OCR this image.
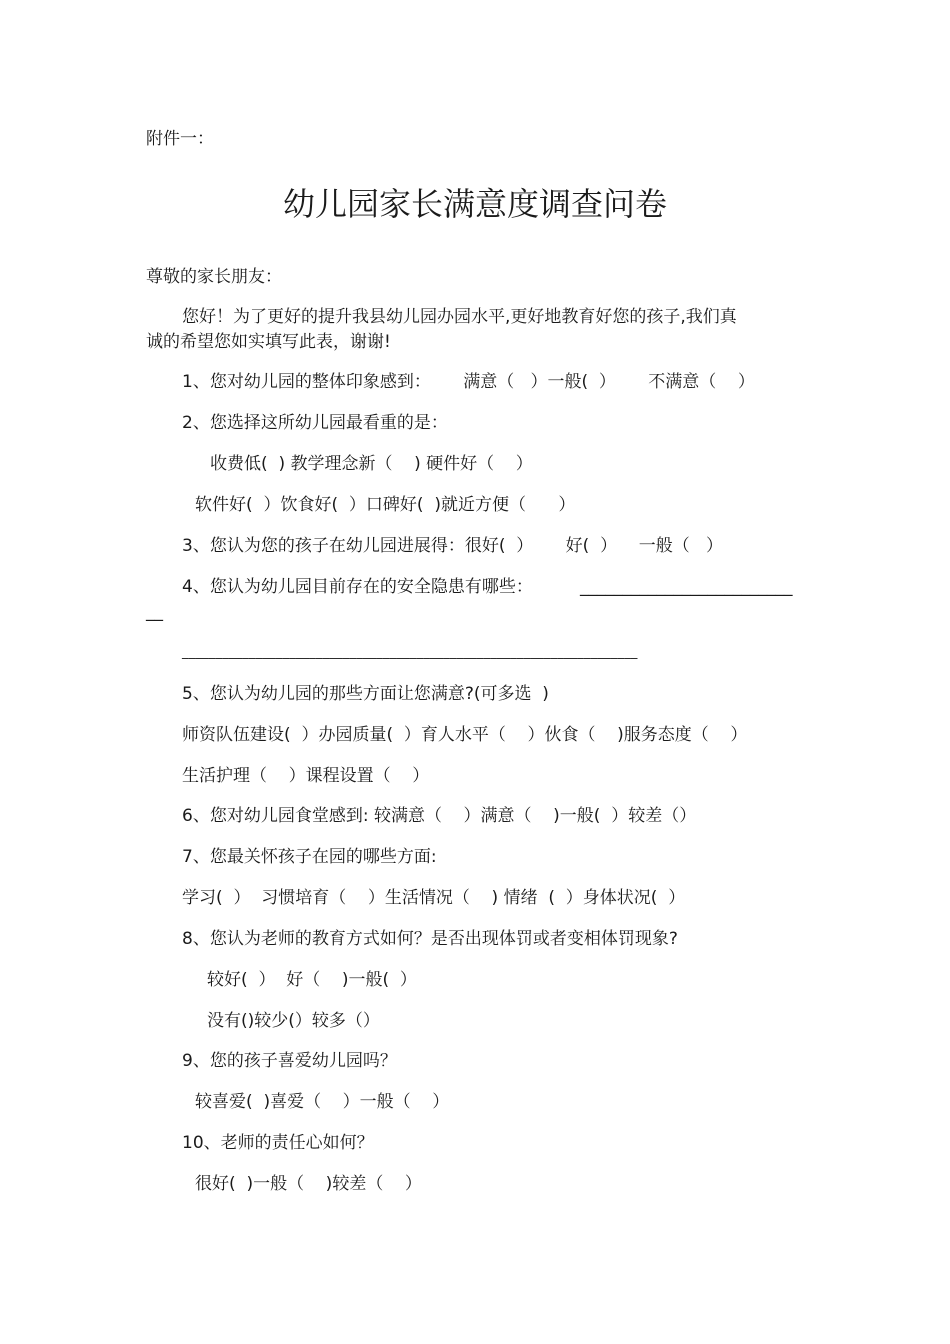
附件一：
幼儿园家长满意度调查问卷
尊敬的家长朋友：
您好！为了更好的提升我县幼儿园办园水平,更好地教育好您的孩子,我们真
诚的希望您如实填写此表，谢谢!
1、您对幼儿园的整体印象感到：      满意（   ）一般(  ）      不满意（    ）
2、您选择这所幼儿园最看重的是：
收费低(  ) 教学理念新（    ) 硬件好（    ）
软件好(  ）饮食好(  ）口碑好(  )就近方便（      ）
3、您认为您的孩子在幼儿园进展得：很好(  ）      好(  ）    一般（   ）
4、您认为幼儿园目前存在的安全隐患有哪些：	_________________________
__
____________________________________________________________________
5、您认为幼儿园的那些方面让您满意?(可多选  )
师资队伍建设(  ）办园质量(  ）育人水平（    ）伙食（    )服务态度（    ）
生活护理（    ）课程设置（    ）
6、您对幼儿园食堂感到: 较满意（    ）满意（    )一般(  ）较差（）
7、您最关怀孩子在园的哪些方面:
学习(  ）  习惯培育（    ）生活情况（    ) 情绪  (  ）身体状况(  ）
8、您认为老师的教育方式如何？是否出现体罚或者变相体罚现象?
较好(  ）  好（    )一般(  ）
没有()较少(）较多（）
9、您的孩子喜爱幼儿园吗？
较喜爱(  )喜爱（    ）一般（    ）
10、老师的责任心如何？
很好(  )一般（    )较差（    ）
